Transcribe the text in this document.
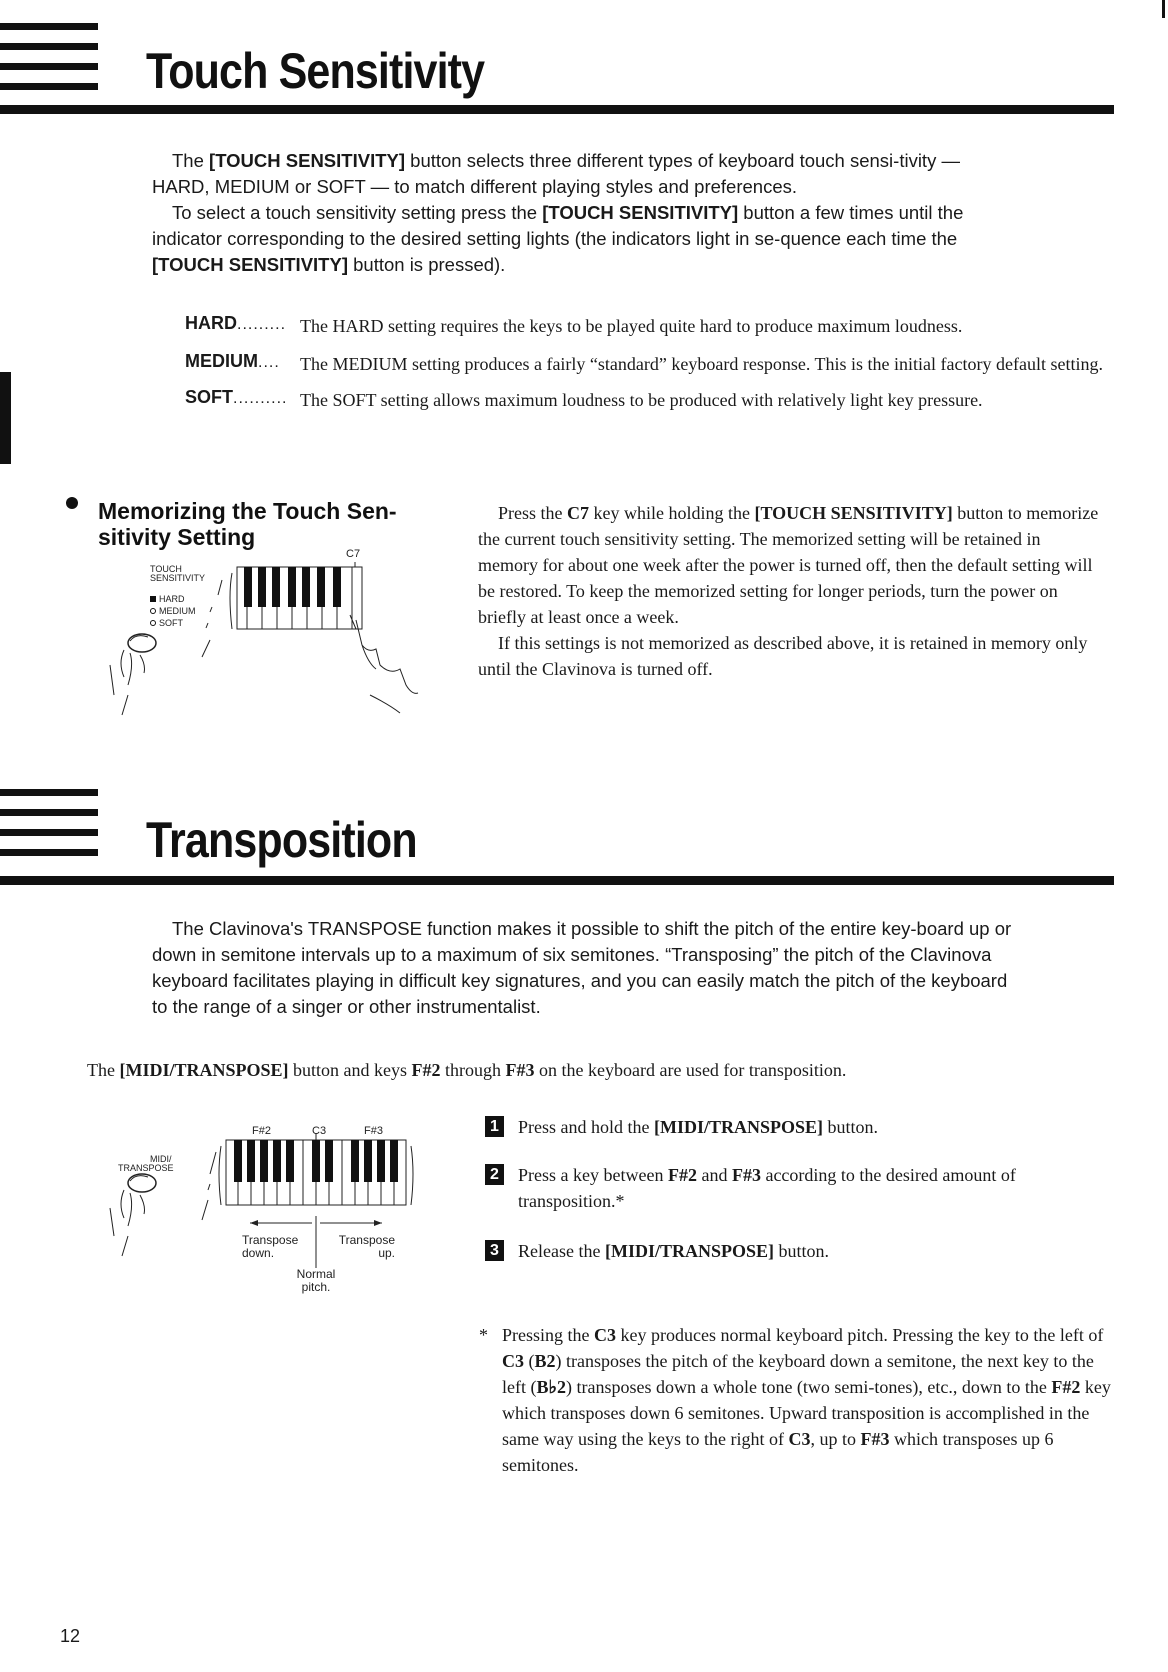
Touch Sensitivity
The [TOUCH SENSITIVITY] button selects three different types of keyboard touch sensi-tivity — HARD, MEDIUM or SOFT — to match different playing styles and preferences.
To select a touch sensitivity setting press the [TOUCH SENSITIVITY] button a few times until the indicator corresponding to the desired setting lights (the indicators light in se-quence each time the [TOUCH SENSITIVITY] button is pressed).
HARD......... The HARD setting requires the keys to be played quite hard to produce maximum loudness.
MEDIUM....	The MEDIUM setting produces a fairly “standard” keyboard response. This is the initial factory default setting.
SOFT.......... The SOFT setting allows maximum loudness to be produced with relatively light key pressure.
Memorizing the Touch Sen-sitivity Setting
Press the C7 key while holding the [TOUCH SENSITIVITY] button to memorize the current touch sensitivity setting. The memorized setting will be retained in memory for about one week after the power is turned off, then the default setting will be restored. To keep the memorized setting for longer periods, turn the power on briefly at least once a week.
If this settings is not memorized as described above, it is retained in memory only until the Clavinova is turned off.
TOUCH
SENSITIVITY
HARD
MEDIUM
SOFT
C7
Transposition
The Clavinova's TRANSPOSE function makes it possible to shift the pitch of the entire key-board up or down in semitone intervals up to a maximum of six semitones. “Transposing” the pitch of the Clavinova keyboard facilitates playing in difficult key signatures, and you can easily match the pitch of the keyboard to the range of a singer or other instrumentalist.
The [MIDI/TRANSPOSE] button and keys F#2 through F#3 on the keyboard are used for transposition.
MIDI/
TRANSPOSE
F#2	C3	F#3
Transpose
down.
Transpose
up.
Normal
pitch.
1 Press and hold the [MIDI/TRANSPOSE] button.
2 Press a key between F#2 and F#3 according to the desired amount of transposition.*
3 Release the [MIDI/TRANSPOSE] button.
* Pressing the C3 key produces normal keyboard pitch. Pressing the key to the left of C3 (B2) transposes the pitch of the keyboard down a semitone, the next key to the left (B♭2) transposes down a whole tone (two semi-tones), etc., down to the F#2 key which transposes down 6 semitones. Upward transposition is accomplished in the same way using the keys to the right of C3, up to F#3 which transposes up 6 semitones.
12
